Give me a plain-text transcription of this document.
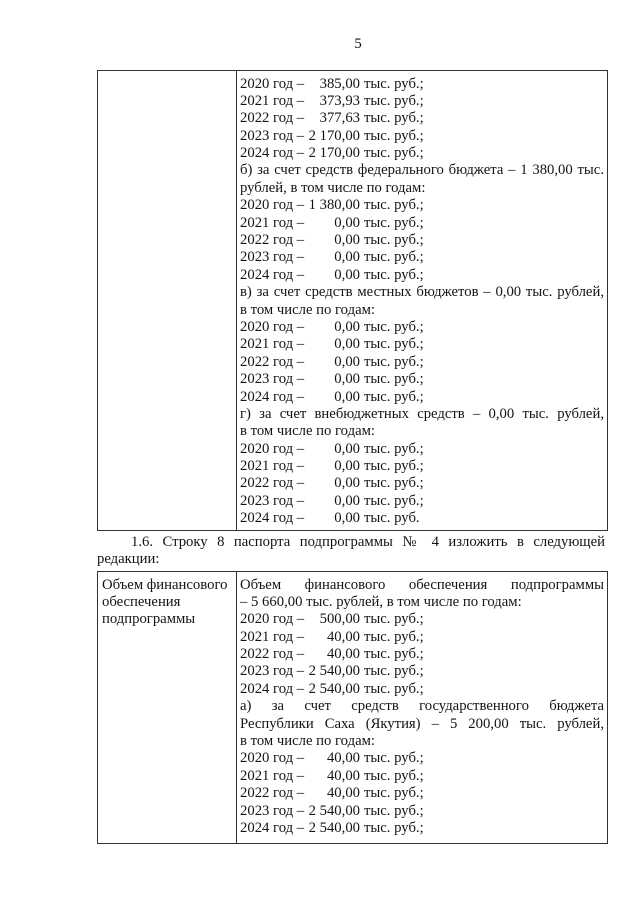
5
2020 год – 385,00 тыс. руб.;
2021 год – 373,93 тыс. руб.;
2022 год – 377,63 тыс. руб.;
2023 год – 2 170,00 тыс. руб.;
2024 год – 2 170,00 тыс. руб.;
б) за счет средств федерального бюджета – 1 380,00 тыс.
рублей, в том числе по годам:
2020 год – 1 380,00 тыс. руб.;
2021 год – 0,00 тыс. руб.;
2022 год – 0,00 тыс. руб.;
2023 год – 0,00 тыс. руб.;
2024 год – 0,00 тыс. руб.;
в) за счет средств местных бюджетов – 0,00 тыс. рублей,
в том числе по годам:
2020 год – 0,00 тыс. руб.;
2021 год – 0,00 тыс. руб.;
2022 год – 0,00 тыс. руб.;
2023 год – 0,00 тыс. руб.;
2024 год – 0,00 тыс. руб.;
г) за счет внебюджетных средств – 0,00 тыс. рублей,
в том числе по годам:
2020 год – 0,00 тыс. руб.;
2021 год – 0,00 тыс. руб.;
2022 год – 0,00 тыс. руб.;
2023 год – 0,00 тыс. руб.;
2024 год – 0,00 тыс. руб.
1.6. Строку 8 паспорта подпрограммы № 4 изложить в следующей
редакции:
Объем финансового
обеспечения
подпрограммы
Объем финансового обеспечения подпрограммы
– 5 660,00 тыс. рублей, в том числе по годам:
2020 год – 500,00 тыс. руб.;
2021 год – 40,00 тыс. руб.;
2022 год – 40,00 тыс. руб.;
2023 год – 2 540,00 тыс. руб.;
2024 год – 2 540,00 тыс. руб.;
а) за счет средств государственного бюджета
Республики Саха (Якутия) – 5 200,00 тыс. рублей,
в том числе по годам:
2020 год – 40,00 тыс. руб.;
2021 год – 40,00 тыс. руб.;
2022 год – 40,00 тыс. руб.;
2023 год – 2 540,00 тыс. руб.;
2024 год – 2 540,00 тыс. руб.;
